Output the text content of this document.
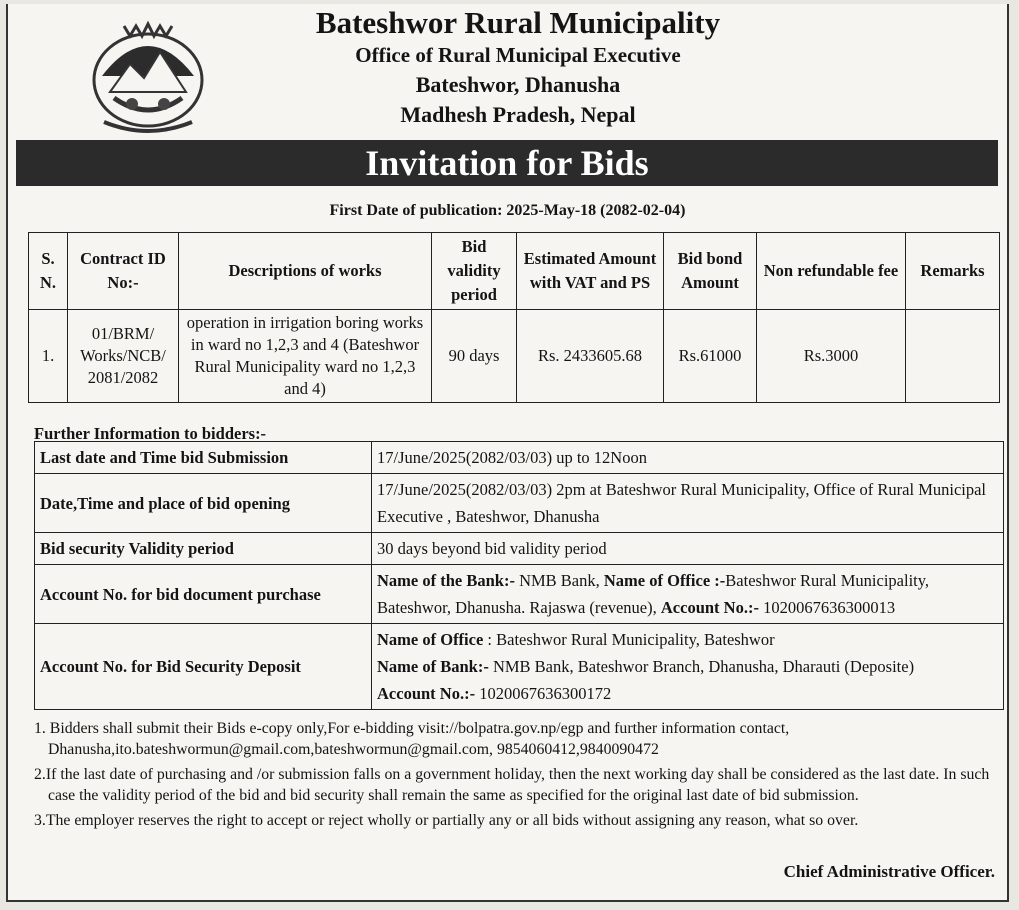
Bateshwor Rural Municipality
Office of Rural Municipal Executive
Bateshwor, Dhanusha
Madhesh Pradesh, Nepal
Invitation for Bids
First Date of publication: 2025-May-18 (2082-02-04)
S. N.	Contract ID No:-	Descriptions of works	Bid validity period	Estimated Amount with VAT and PS	Bid bond Amount	Non refundable fee	Remarks
1.	01/BRM/ Works/NCB/ 2081/2082	operation in irrigation boring works in ward no 1,2,3 and 4 (Bateshwor Rural Municipality ward no 1,2,3 and 4)	90 days	Rs. 2433605.68	Rs.61000	Rs.3000	
Further Information to bidders:-
Last date and Time bid Submission	17/June/2025(2082/03/03) up to 12Noon
Date,Time and place of bid opening	17/June/2025(2082/03/03) 2pm at Bateshwor Rural Municipality, Office of Rural Municipal Executive , Bateshwor, Dhanusha
Bid security Validity period	30 days beyond bid validity period
Account No. for bid document purchase	Name of the Bank:- NMB Bank, Name of Office :-Bateshwor Rural Municipality, Bateshwor, Dhanusha. Rajaswa (revenue), Account No.:- 1020067636300013
Account No. for Bid Security Deposit	Name of Office : Bateshwor Rural Municipality, Bateshwor
Name of Bank:- NMB Bank, Bateshwor Branch, Dhanusha, Dharauti (Deposite)
Account No.:- 1020067636300172

1. Bidders shall submit their Bids e-copy only,For e-bidding visit://bolpatra.gov.np/egp and further information contact, Dhanusha,ito.bateshwormun@gmail.com,bateshwormun@gmail.com, 9854060412,9840090472

2.If the last date of purchasing and /or submission falls on a government holiday, then the next working day shall be considered as the last date. In such case the validity period of the bid and bid security shall remain the same as specified for the original last date of bid submission.

3.The employer reserves the right to accept or reject wholly or partially any or all bids without assigning any reason, what so over.

Chief Administrative Officer.
